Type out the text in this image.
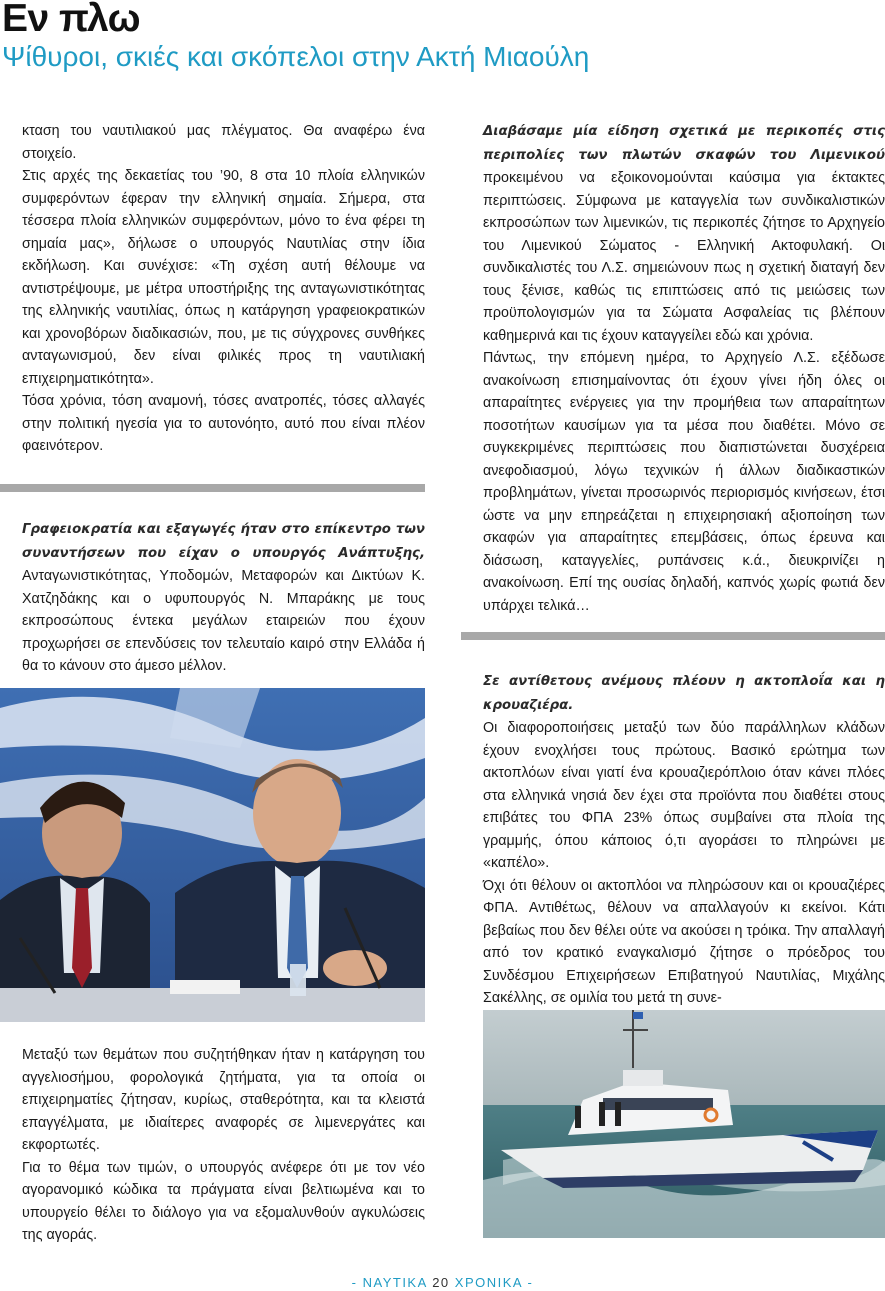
Εν πλω
Ψίθυροι, σκιές και σκόπελοι στην Ακτή Μιαούλη

κταση του ναυτιλιακού μας πλέγματος. Θα αναφέρω ένα στοιχείο.

Στις αρχές της δεκαετίας του ’90, 8 στα 10 πλοία ελληνικών συμφερόντων έφεραν την ελληνική σημαία. Σήμερα, στα τέσσερα πλοία ελληνικών συμφερόντων, μόνο το ένα φέρει τη σημαία μας», δήλωσε ο υπουργός Ναυτιλίας στην ίδια εκδήλωση. Και συνέχισε: «Τη σχέση αυτή θέλουμε να αντιστρέψουμε, με μέτρα υποστήριξης της ανταγωνιστικότητας της ελληνικής ναυτιλίας, όπως η κατάργηση γραφειοκρατικών και χρονοβόρων διαδικασιών, που, με τις σύγχρονες συνθήκες ανταγωνισμού, δεν είναι φιλικές προς τη ναυτιλιακή επιχειρηματικότητα».

Τόσα χρόνια, τόση αναμονή, τόσες ανατροπές, τόσες αλλαγές στην πολιτική ηγεσία για το αυτονόητο, αυτό που είναι πλέον φαεινότερον.

Γραφειοκρατία και εξαγωγές ήταν στο επίκεντρο των συναντήσεων που είχαν ο υπουργός Ανάπτυξης, Ανταγωνιστικότητας, Υποδομών, Μεταφορών και Δικτύων Κ. Χατζηδάκης και ο υφυπουργός Ν. Μπαράκης με τους εκπροσώπους έντεκα μεγάλων εταιρειών που έχουν προχωρήσει σε επενδύσεις τον τελευταίο καιρό στην Ελλάδα ή θα το κάνουν στο άμεσο μέλλον.

Μεταξύ των θεμάτων που συζητήθηκαν ήταν η κατάργηση του αγγελιοσήμου, φορολογικά ζητήματα, για τα οποία οι επιχειρηματίες ζήτησαν, κυρίως, σταθερότητα, και τα κλειστά επαγγέλματα, με ιδιαίτερες αναφορές σε λιμενεργάτες και εκφορτωτές.

Για το θέμα των τιμών, ο υπουργός ανέφερε ότι με τον νέο αγορανομικό κώδικα τα πράγματα είναι βελτιωμένα και το υπουργείο θέλει το διάλογο για να εξομαλυνθούν αγκυλώσεις της αγοράς.

Διαβάσαμε μία είδηση σχετικά με περικοπές στις περιπολίες των πλωτών σκαφών του Λιμενικού προκειμένου να εξοικονομούνται καύσιμα για έκτακτες περιπτώσεις. Σύμφωνα με καταγγελία των συνδικαλιστικών εκπροσώπων των λιμενικών, τις περικοπές ζήτησε το Αρχηγείο του Λιμενικού Σώματος - Ελληνική Ακτοφυλακή. Οι συνδικαλιστές του Λ.Σ. σημειώνουν πως η σχετική διαταγή δεν τους ξένισε, καθώς τις επιπτώσεις από τις μειώσεις των προϋπολογισμών για τα Σώματα Ασφαλείας τις βλέπουν καθημερινά και τις έχουν καταγγείλει εδώ και χρόνια.

Πάντως, την επόμενη ημέρα, το Αρχηγείο Λ.Σ. εξέδωσε ανακοίνωση επισημαίνοντας ότι έχουν γίνει ήδη όλες οι απαραίτητες ενέργειες για την προμήθεια των απαραίτητων ποσοτήτων καυσίμων για τα μέσα που διαθέτει. Μόνο σε συγκεκριμένες περιπτώσεις που διαπιστώνεται δυσχέρεια ανεφοδιασμού, λόγω τεχνικών ή άλλων διαδικαστικών προβλημάτων, γίνεται προσωρινός περιορισμός κινήσεων, έτσι ώστε να μην επηρεάζεται η επιχειρησιακή αξιοποίηση των σκαφών για απαραίτητες επεμβάσεις, όπως έρευνα και διάσωση, καταγγελίες, ρυπάνσεις κ.ά., διευκρινίζει η ανακοίνωση. Επί της ουσίας δηλαδή, καπνός χωρίς φωτιά δεν υπάρχει τελικά…

Σε αντίθετους ανέμους πλέουν η ακτοπλοΐα και η κρουαζιέρα.

Οι διαφοροποιήσεις μεταξύ των δύο παράλληλων κλάδων έχουν ενοχλήσει τους πρώτους. Βασικό ερώτημα των ακτοπλόων είναι γιατί ένα κρουαζιερόπλοιο όταν κάνει πλόες στα ελληνικά νησιά δεν έχει στα προϊόντα που διαθέτει στους επιβάτες του ΦΠΑ 23% όπως συμβαίνει στα πλοία της γραμμής, όπου κάποιος ό,τι αγοράσει το πληρώνει με «καπέλο».

Όχι ότι θέλουν οι ακτοπλόοι να πληρώσουν και οι κρουαζιέρες ΦΠΑ. Αντιθέτως, θέλουν να απαλλαγούν κι εκείνοι. Κάτι βεβαίως που δεν θέλει ούτε να ακούσει η τρόικα. Την απαλλαγή από τον κρατικό εναγκαλισμό ζήτησε ο πρόεδρος του Συνδέσμου Επιχειρήσεων Επιβατηγού Ναυτιλίας, Μιχάλης Σακέλλης, σε ομιλία του μετά τη συνε-

- ΝΑΥΤΙΚΑ 20 ΧΡΟΝΙΚΑ -
